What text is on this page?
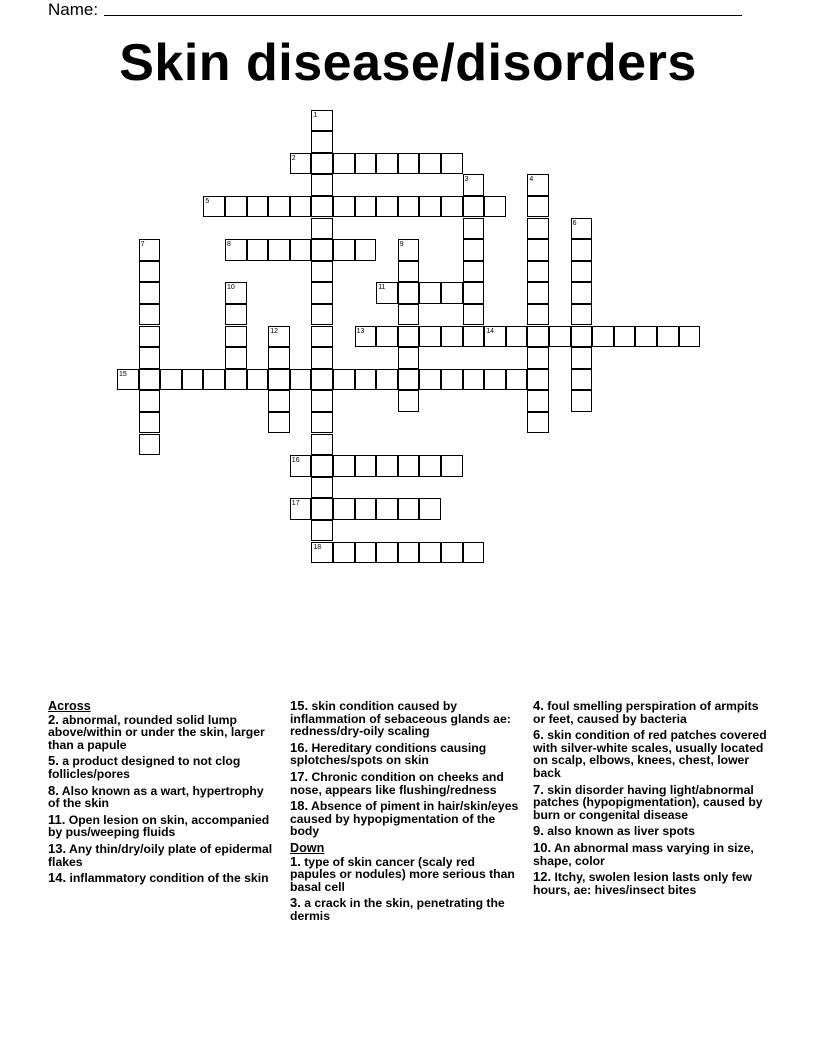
Name:
Skin disease/disorders
1
2
3	4
5
6
7	8	9
10	11
12	13	14
15
16
17
18
Across

2. abnormal, rounded solid lump above/within or under the skin, larger than a papule

5. a product designed to not clog follicles/pores

8. Also known as a wart, hypertrophy of the skin

11. Open lesion on skin, accompanied by pus/weeping fluids

13. Any thin/dry/oily plate of epidermal flakes

14. inflammatory condition of the skin

15. skin condition caused by inflammation of sebaceous glands ae: redness/dry-oily scaling

16. Hereditary conditions causing splotches/spots on skin

17. Chronic condition on cheeks and nose, appears like flushing/redness

18. Absence of piment in hair/skin/eyes caused by hypopigmentation of the body

Down

1. type of skin cancer (scaly red papules or nodules) more serious than basal cell

3. a crack in the skin, penetrating the dermis

4. foul smelling perspiration of armpits or feet, caused by bacteria

6. skin condition of red patches covered with silver-white scales, usually located on scalp, elbows, knees, chest, lower back

7. skin disorder having light/abnormal patches (hypopigmentation), caused by burn or congenital disease

9. also known as liver spots

10. An abnormal mass varying in size, shape, color

12. Itchy, swolen lesion lasts only few hours, ae: hives/insect bites
